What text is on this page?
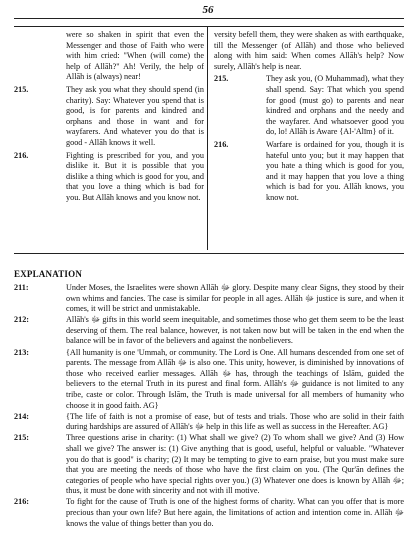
56
were so shaken in spirit that even the Messenger and those of Faith who were with him cried: "When (will come) the help of Allāh?" Ah! Verily, the help of Allāh is (always) near!
215.	They ask you what they should spend (in charity). Say: Whatever you spend that is good, is for parents and kindred and orphans and those in want and for wayfarers. And whatever you do that is good - Allāh knows it well.
216.	Fighting is prescribed for you, and you dislike it. But it is possible that you dislike a thing which is good for you, and that you love a thing which is bad for you. But Allāh knows and you know not.
versity befell them, they were shaken as with earthquake, till the Messenger (of Allāh) and those who believed along with him said: When comes Allāh's help? Now surely, Allāh's help is near.
215.	They ask you, (O Muhammad), what they shall spend. Say: That which you spend for good (must go) to parents and near kindred and orphans and the needy and the wayfarer. And whatsoever good you do, lo! Allāh is Aware {Al-'Alīm} of it.
216.	Warfare is ordained for you, though it is hateful unto you; but it may happen that you hate a thing which is good for you, and it may happen that you love a thing which is bad for you. Allāh knows, you know not.
EXPLANATION
211:	Under Moses, the Israelites were shown Allāh ﷻ glory. Despite many clear Signs, they stood by their own whims and fancies. The case is similar for people in all ages. Allāh ﷻ justice is sure, and when it comes, it will be strict and unmistakable.
212:	Allāh's ﷻ gifts in this world seem inequitable, and sometimes those who get them seem to be the least deserving of them. The real balance, however, is not taken now but will be taken in the end when the balance will be in favor of the believers and against the nonbelievers.
213:	{All humanity is one 'Ummah, or community. The Lord is One. All humans descended from one set of parents. The message from Allāh ﷻ is also one. This unity, however, is diminished by innovations of those who received earlier messages. Allāh ﷻ has, through the teachings of Islām, guided the believers to the eternal Truth in its purest and final form. Allāh's ﷻ guidance is not limited to any tribe, caste or color. Through Islām, the Truth is made universal for all members of humanity who choose it in good faith. AG}
214:	{The life of faith is not a promise of ease, but of tests and trials. Those who are solid in their faith during hardships are assured of Allāh's ﷻ help in this life as well as success in the Hereafter. AG}
215:	Three questions arise in charity: (1) What shall we give? (2) To whom shall we give? And (3) How shall we give? The answer is: (1) Give anything that is good, useful, helpful or valuable. "Whatever you do that is good" is charity; (2) It may be tempting to give to earn praise, but you must make sure that you are meeting the needs of those who have the first claim on you. (The Qur'ān defines the categories of people who have special rights over you.) (3) Whatever one does is known by Allāh ﷻ; thus, it must be done with sincerity and not with ill motive.
216:	To fight for the cause of Truth is one of the highest forms of charity. What can you offer that is more precious than your own life? But here again, the limitations of action and intention come in. Allāh ﷻ knows the value of things better than you do.
